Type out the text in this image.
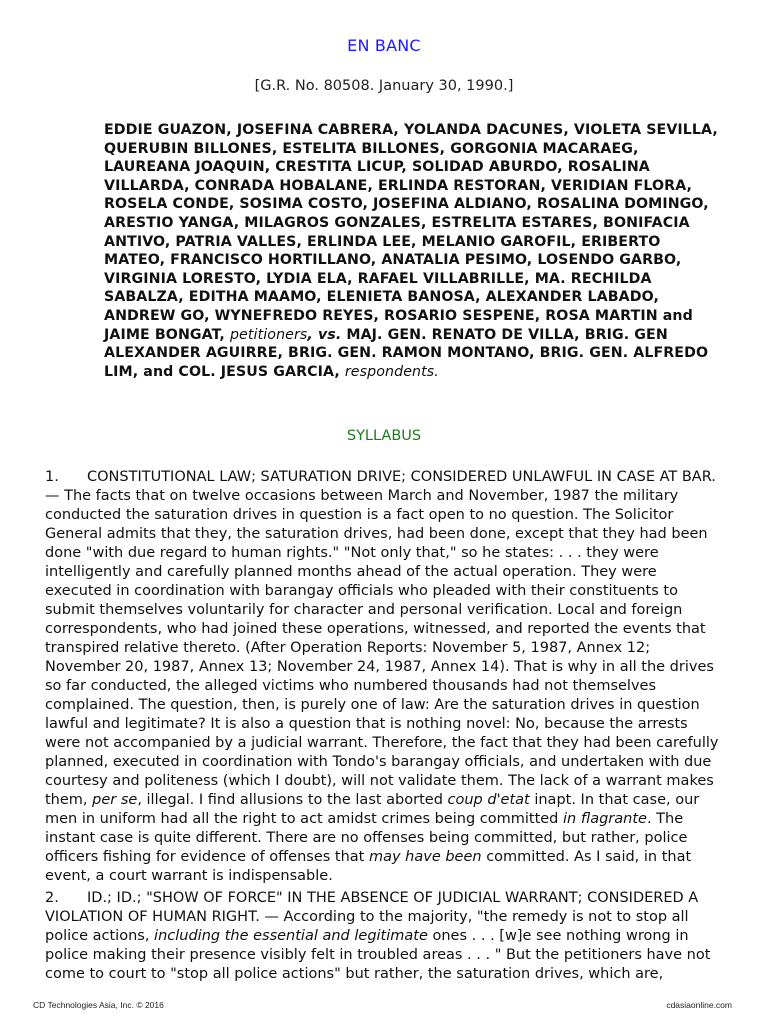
EN BANC
[G.R. No. 80508. January 30, 1990.]
EDDIE GUAZON, JOSEFINA CABRERA, YOLANDA DACUNES, VIOLETA SEVILLA, QUERUBIN BILLONES, ESTELITA BILLONES, GORGONIA MACARAEG, LAUREANA JOAQUIN, CRESTITA LICUP, SOLIDAD ABURDO, ROSALINA VILLARDA, CONRADA HOBALANE, ERLINDA RESTORAN, VERIDIAN FLORA, ROSELA CONDE, SOSIMA COSTO, JOSEFINA ALDIANO, ROSALINA DOMINGO, ARESTIO YANGA, MILAGROS GONZALES, ESTRELITA ESTARES, BONIFACIA ANTIVO, PATRIA VALLES, ERLINDA LEE, MELANIO GAROFIL, ERIBERTO MATEO, FRANCISCO HORTILLANO, ANATALIA PESIMO, LOSENDO GARBO, VIRGINIA LORESTO, LYDIA ELA, RAFAEL VILLABRILLE, MA. RECHILDA SABALZA, EDITHA MAAMO, ELENIETA BANOSA, ALEXANDER LABADO, ANDREW GO, WYNEFREDO REYES, ROSARIO SESPENE, ROSA MARTIN and JAIME BONGAT, petitioners, vs. MAJ. GEN. RENATO DE VILLA, BRIG. GEN ALEXANDER AGUIRRE, BRIG. GEN. RAMON MONTANO, BRIG. GEN. ALFREDO LIM, and COL. JESUS GARCIA, respondents.
SYLLABUS
1. CONSTITUTIONAL LAW; SATURATION DRIVE; CONSIDERED UNLAWFUL IN CASE AT BAR. — The facts that on twelve occasions between March and November, 1987 the military conducted the saturation drives in question is a fact open to no question. The Solicitor General admits that they, the saturation drives, had been done, except that they had been done "with due regard to human rights." "Not only that," so he states: . . . they were intelligently and carefully planned months ahead of the actual operation. They were executed in coordination with barangay officials who pleaded with their constituents to submit themselves voluntarily for character and personal verification. Local and foreign correspondents, who had joined these operations, witnessed, and reported the events that transpired relative thereto. (After Operation Reports: November 5, 1987, Annex 12; November 20, 1987, Annex 13; November 24, 1987, Annex 14). That is why in all the drives so far conducted, the alleged victims who numbered thousands had not themselves complained. The question, then, is purely one of law: Are the saturation drives in question lawful and legitimate? It is also a question that is nothing novel: No, because the arrests were not accompanied by a judicial warrant. Therefore, the fact that they had been carefully planned, executed in coordination with Tondo's barangay officials, and undertaken with due courtesy and politeness (which I doubt), will not validate them. The lack of a warrant makes them, per se, illegal. I find allusions to the last aborted coup d'etat inapt. In that case, our men in uniform had all the right to act amidst crimes being committed in flagrante. The instant case is quite different. There are no offenses being committed, but rather, police officers fishing for evidence of offenses that may have been committed. As I said, in that event, a court warrant is indispensable.
2. ID.; ID.; "SHOW OF FORCE" IN THE ABSENCE OF JUDICIAL WARRANT; CONSIDERED A VIOLATION OF HUMAN RIGHT. — According to the majority, "the remedy is not to stop all police actions, including the essential and legitimate ones . . . [w]e see nothing wrong in police making their presence visibly felt in troubled areas . . . " But the petitioners have not come to court to "stop all police actions" but rather, the saturation drives, which are,
CD Technologies Asia, Inc. © 2016	cdasiaonline.com
